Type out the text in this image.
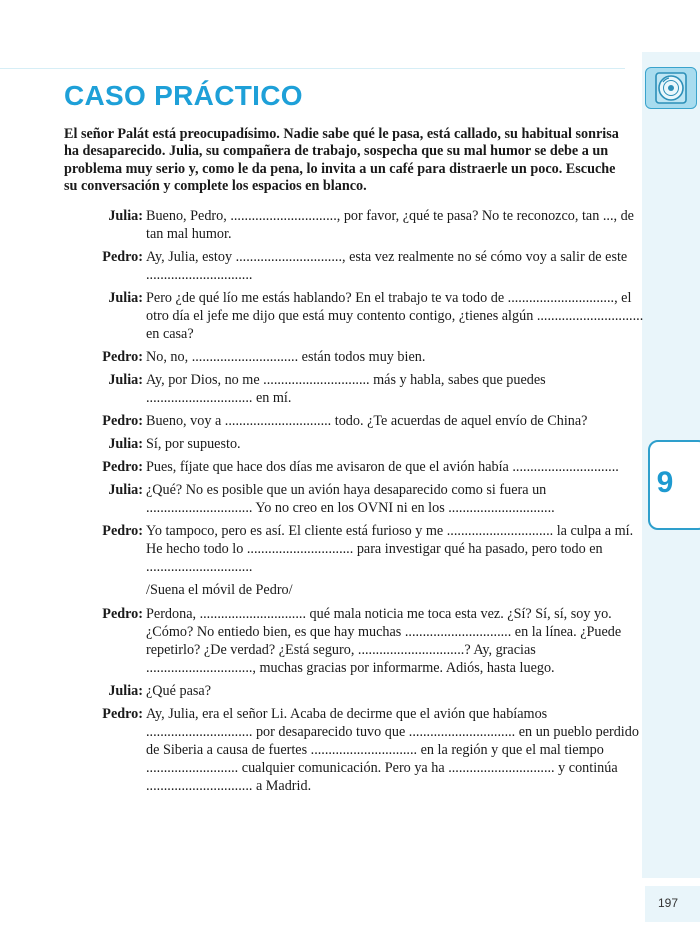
9
197
CASO PRÁCTICO

El señor Palát está preocupadísimo. Nadie sabe qué le pasa, está callado, su habitual sonrisa ha desaparecido. Julia, su compañera de trabajo, sospecha que su mal humor se debe a un problema muy serio y, como le da pena, lo invita a un café para distraerle un poco. Escuche su conversación y complete los espacios en blanco.

Julia: Bueno, Pedro, .............................., por favor, ¿qué te pasa? No te reconozco, tan ..., de tan mal humor.
Pedro: Ay, Julia, estoy .............................., esta vez realmente no sé cómo voy a salir de este ..............................
Julia: Pero ¿de qué lío me estás hablando? En el trabajo te va todo de .............................., el otro día el jefe me dijo que está muy contento contigo, ¿tienes algún .............................. en casa?
Pedro: No, no, .............................. están todos muy bien.
Julia: Ay, por Dios, no me .............................. más y habla, sabes que puedes .............................. en mí.
Pedro: Bueno, voy a .............................. todo. ¿Te acuerdas de aquel envío de China?
Julia: Sí, por supuesto.
Pedro: Pues, fíjate que hace dos días me avisaron de que el avión había ..............................
Julia: ¿Qué? No es posible que un avión haya desaparecido como si fuera un .............................. Yo no creo en los OVNI ni en los ..............................
Pedro: Yo tampoco, pero es así. El cliente está furioso y me .............................. la culpa a mí. He hecho todo lo .............................. para investigar qué ha pasado, pero todo en ..............................
/Suena el móvil de Pedro/
Pedro: Perdona, .............................. qué mala noticia me toca esta vez. ¿Sí? Sí, sí, soy yo. ¿Cómo? No entiedo bien, es que hay muchas .............................. en la línea. ¿Puede repetirlo? ¿De verdad? ¿Está seguro, ..............................? Ay, gracias .............................., muchas gracias por informarme. Adiós, hasta luego.
Julia: ¿Qué pasa?
Pedro: Ay, Julia, era el señor Li. Acaba de decirme que el avión que habíamos .............................. por desaparecido tuvo que .............................. en un pueblo perdido de Siberia a causa de fuertes .............................. en la región y que el mal tiempo .......................... cualquier comunicación. Pero ya ha .............................. y continúa .............................. a Madrid.
